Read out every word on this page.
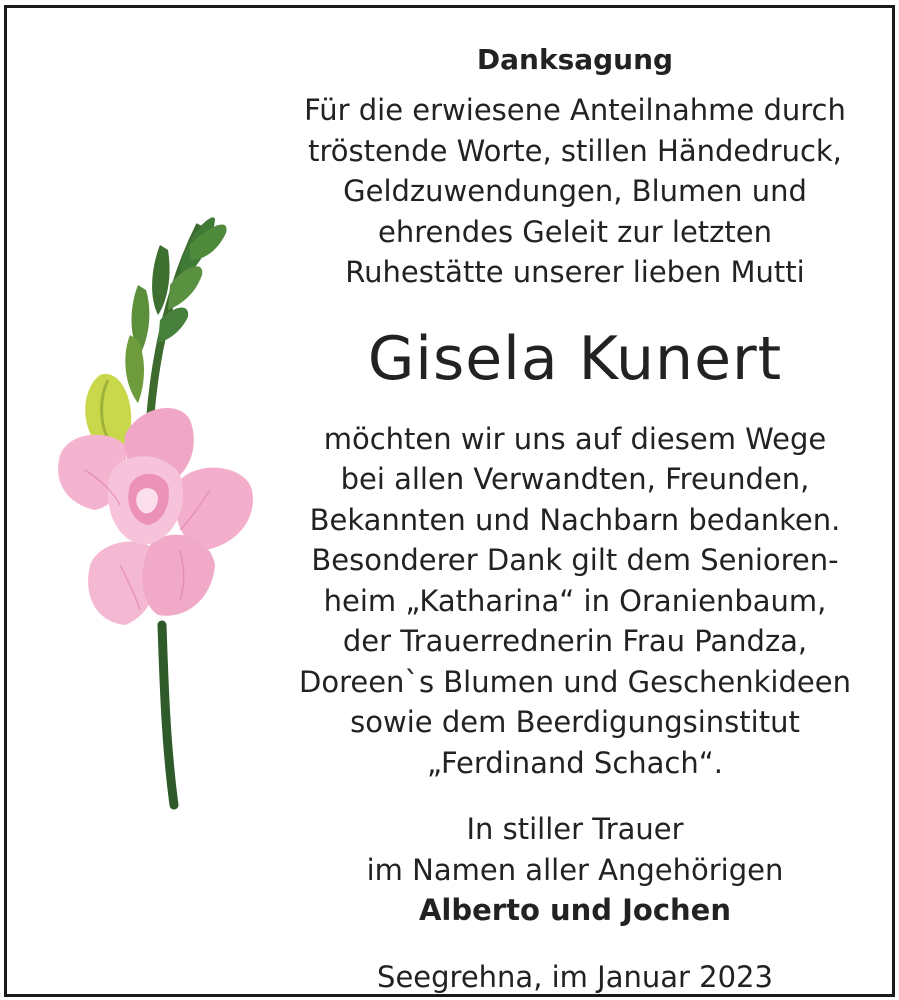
Danksagung
Für die erwiesene Anteilnahme durch
tröstende Worte, stillen Händedruck,
Geldzuwendungen, Blumen und
ehrendes Geleit zur letzten
Ruhestätte unserer lieben Mutti
Gisela Kunert
möchten wir uns auf diesem Wege
bei allen Verwandten, Freunden,
Bekannten und Nachbarn bedanken.
Besonderer Dank gilt dem Senioren-
heim „Katharina“ in Oranienbaum,
der Trauerrednerin Frau Pandza,
Doreen`s Blumen und Geschenkideen
sowie dem Beerdigungsinstitut
„Ferdinand Schach“.
In stiller Trauer
im Namen aller Angehörigen
Alberto und Jochen
Seegrehna, im Januar 2023
